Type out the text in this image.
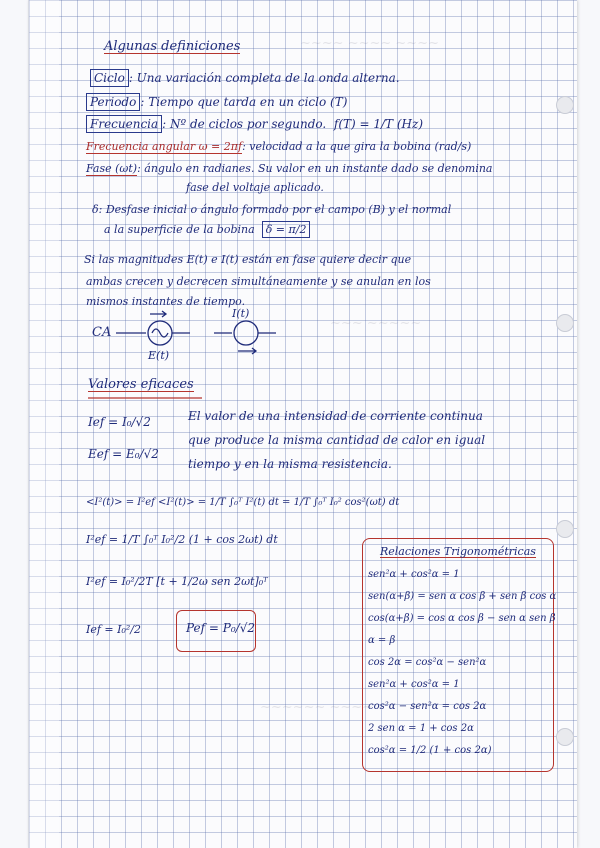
~~~~ ~~~~ ~~~~
~~~ ~~~~~
~~~~~~ ~~~~
Algunas definiciones
Ciclo : Una variación completa de la onda alterna.
Periodo : Tiempo que tarda en un ciclo (T)
Frecuencia : Nº de ciclos por segundo. f(T) = 1/T (Hz)
Frecuencia angular ω = 2πf: velocidad a la que gira la bobina (rad/s)
Fase (ωt): ángulo en radianes. Su valor en un instante dado se denomina
fase del voltaje aplicado.
δ: Desfase inicial o ángulo formado por el campo (B) y el normal
a la superficie de la bobina δ = π/2
Si las magnitudes E(t) e I(t) están en fase quiere decir que
ambas crecen y decrecen simultáneamente y se anulan en los
mismos instantes de tiempo.
CA
E(t)
I(t)
Valores eficaces
Ief = I₀/√2
Eef = E₀/√2
El valor de una intensidad de corriente continua
que produce la misma cantidad de calor en igual
tiempo y en la misma resistencia.
<I²(t)> = I²ef <I²(t)> = 1/T ∫₀ᵀ I²(t) dt = 1/T ∫₀ᵀ I₀² cos²(ωt) dt
I²ef = 1/T ∫₀ᵀ I₀²/2 (1 + cos 2ωt) dt
I²ef = I₀²/2T [t + 1/2ω sen 2ωt]₀ᵀ
Ief = I₀²/2	Pef = P₀/√2
Relaciones Trigonométricas
sen²α + cos²α = 1
sen(α+β) = sen α cos β + sen β cos α
cos(α+β) = cos α cos β − sen α sen β
α = β
cos 2α = cos²α − sen²α
sen²α + cos²α = 1
cos²α − sen²α = cos 2α
2 sen α = 1 + cos 2α
cos²α = 1/2 (1 + cos 2α)
